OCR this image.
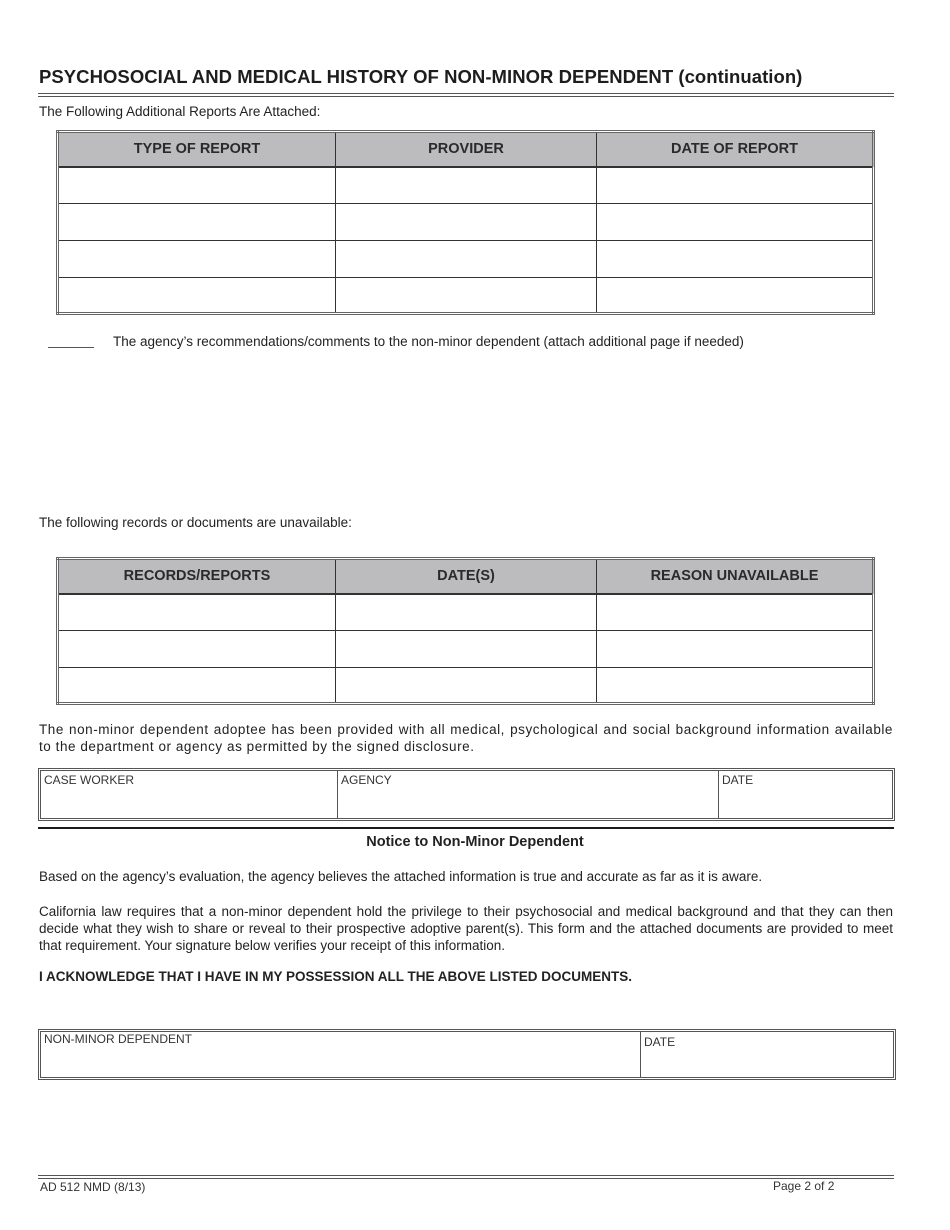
PSYCHOSOCIAL AND MEDICAL HISTORY OF NON-MINOR DEPENDENT (continuation)
The Following Additional Reports Are Attached:
TYPE OF REPORT	PROVIDER	DATE OF REPORT

The agency’s recommendations/comments to the non-minor dependent (attach additional page if needed)
The following records or documents are unavailable:
RECORDS/REPORTS	DATE(S)	REASON UNAVAILABLE

The non-minor dependent adoptee has been provided with all medical, psychological and social background information available to the department or agency as permitted by the signed disclosure.
CASE WORKER	AGENCY	DATE
Notice to Non-Minor Dependent
Based on the agency’s evaluation, the agency believes the attached information is true and accurate as far as it is aware.
California law requires that a non-minor dependent hold the privilege to their psychosocial and medical background and that they can then decide what they wish to share or reveal to their prospective adoptive parent(s). This form and the attached documents are provided to meet that requirement. Your signature below verifies your receipt of this information.
I ACKNOWLEDGE THAT I HAVE IN MY POSSESSION ALL THE ABOVE LISTED DOCUMENTS.
NON-MINOR DEPENDENT	DATE
AD 512 NMD (8/13)	Page 2 of 2
